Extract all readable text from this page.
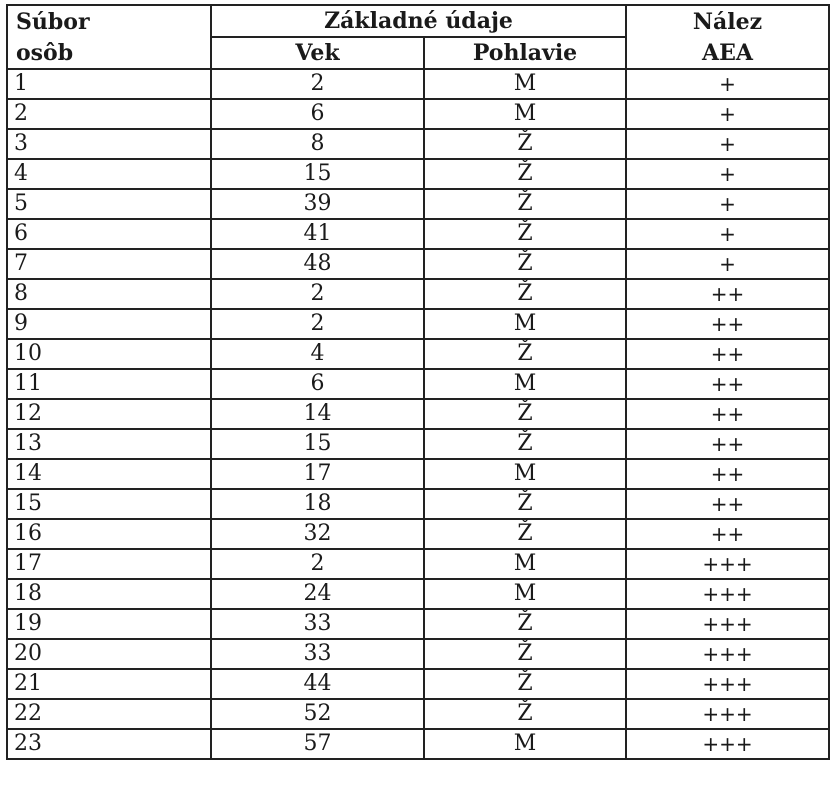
Súbor	Základné údaje		Nález
osôb	Vek	Pohlavie	AEA
1	2	M	+
2	6	M	+
3	8	Ž	+
4	15	Ž	+
5	39	Ž	+
6	41	Ž	+
7	48	Ž	+
8	2	Ž	++
9	2	M	++
10	4	Ž	++
11	6	M	++
12	14	Ž	++
13	15	Ž	++
14	17	M	++
15	18	Ž	++
16	32	Ž	++
17	2	M	+++
18	24	M	+++
19	33	Ž	+++
20	33	Ž	+++
21	44	Ž	+++
22	52	Ž	+++
23	57	M	+++
